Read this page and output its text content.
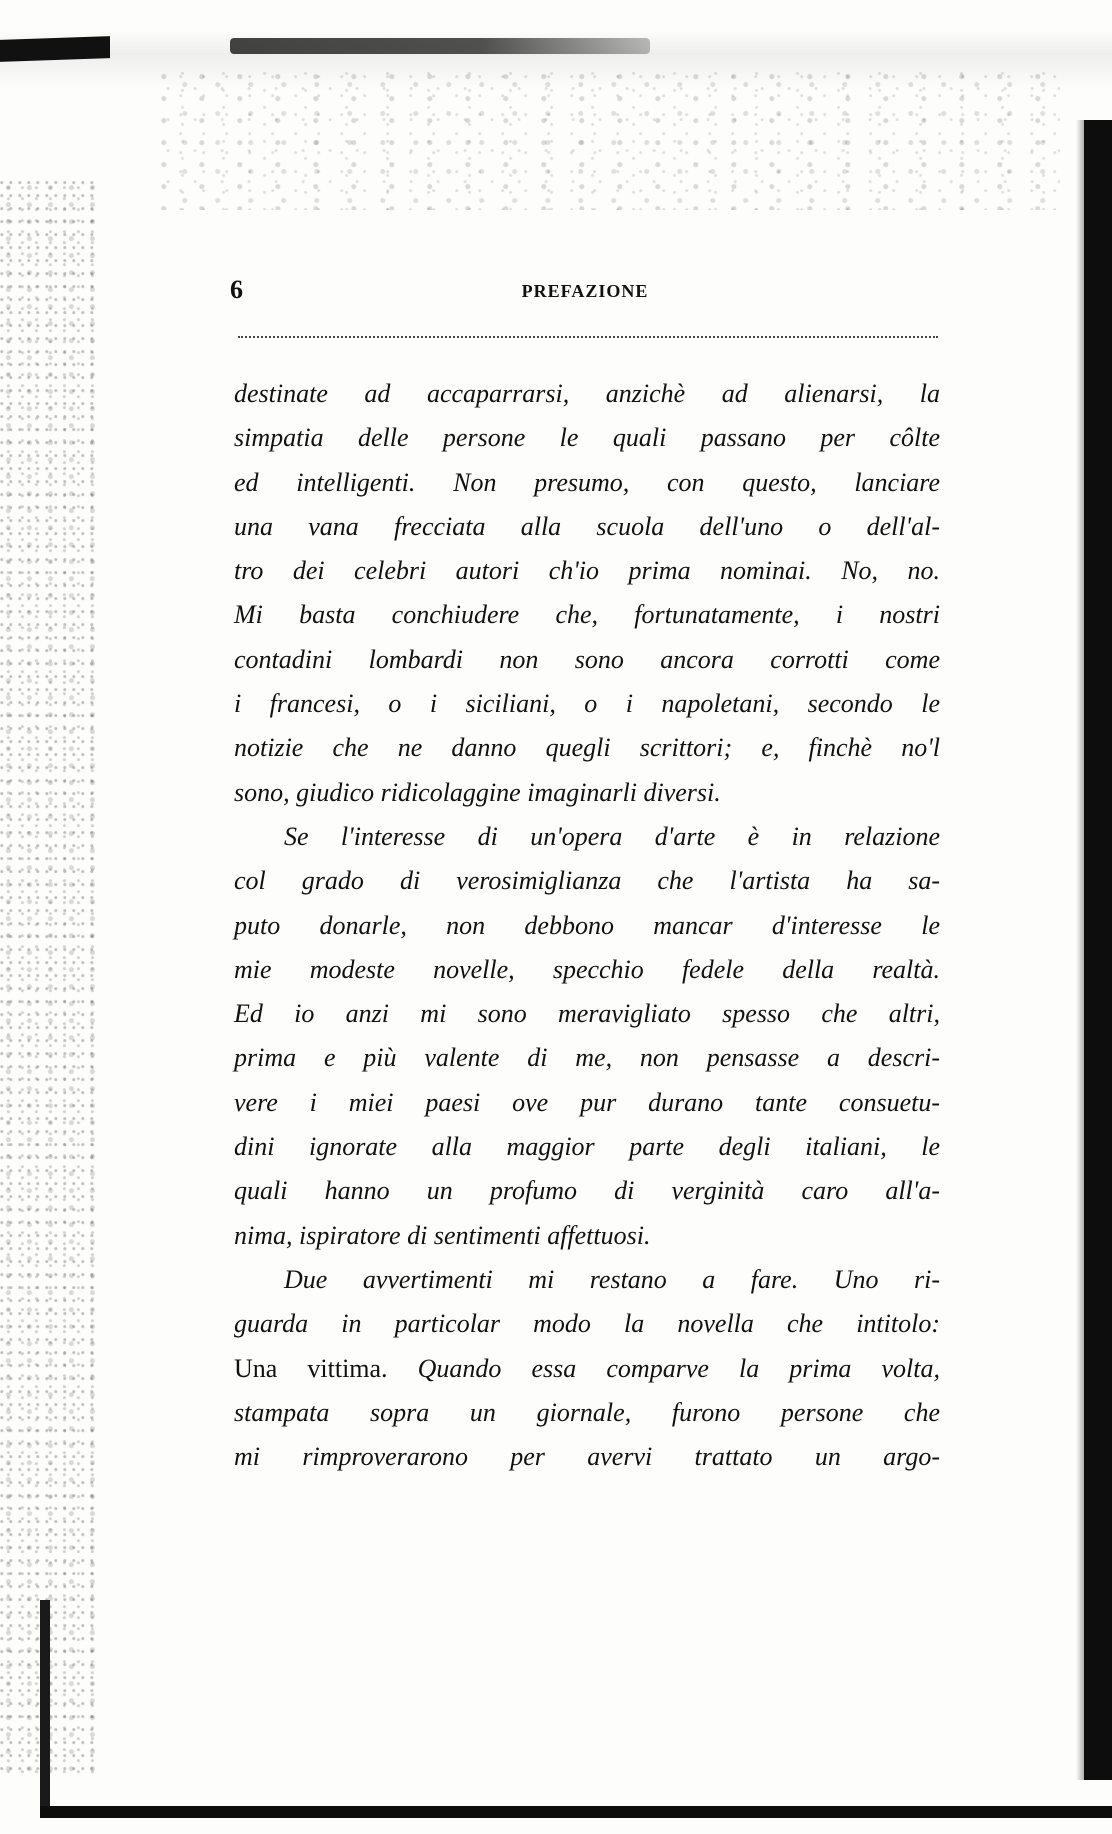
6	PREFAZIONE
destinate ad accaparrarsi, anzichè ad alienarsi, la
simpatia delle persone le quali passano per côlte
ed intelligenti. Non presumo, con questo, lanciare
una vana frecciata alla scuola dell'uno o dell'al-
tro dei celebri autori ch'io prima nominai. No, no.
Mi basta conchiudere che, fortunatamente, i nostri
contadini lombardi non sono ancora corrotti come
i francesi, o i siciliani, o i napoletani, secondo le
notizie che ne danno quegli scrittori; e, finchè no'l
sono, giudico ridicolaggine imaginarli diversi.
Se l'interesse di un'opera d'arte è in relazione
col grado di verosimiglianza che l'artista ha sa-
puto donarle, non debbono mancar d'interesse le
mie modeste novelle, specchio fedele della realtà.
Ed io anzi mi sono meravigliato spesso che altri,
prima e più valente di me, non pensasse a descri-
vere i miei paesi ove pur durano tante consuetu-
dini ignorate alla maggior parte degli italiani, le
quali hanno un profumo di verginità caro all'a-
nima, ispiratore di sentimenti affettuosi.
Due avvertimenti mi restano a fare. Uno ri-
guarda in particolar modo la novella che intitolo:
Una vittima. Quando essa comparve la prima volta,
stampata sopra un giornale, furono persone che
mi rimproverarono per avervi trattato un argo-
